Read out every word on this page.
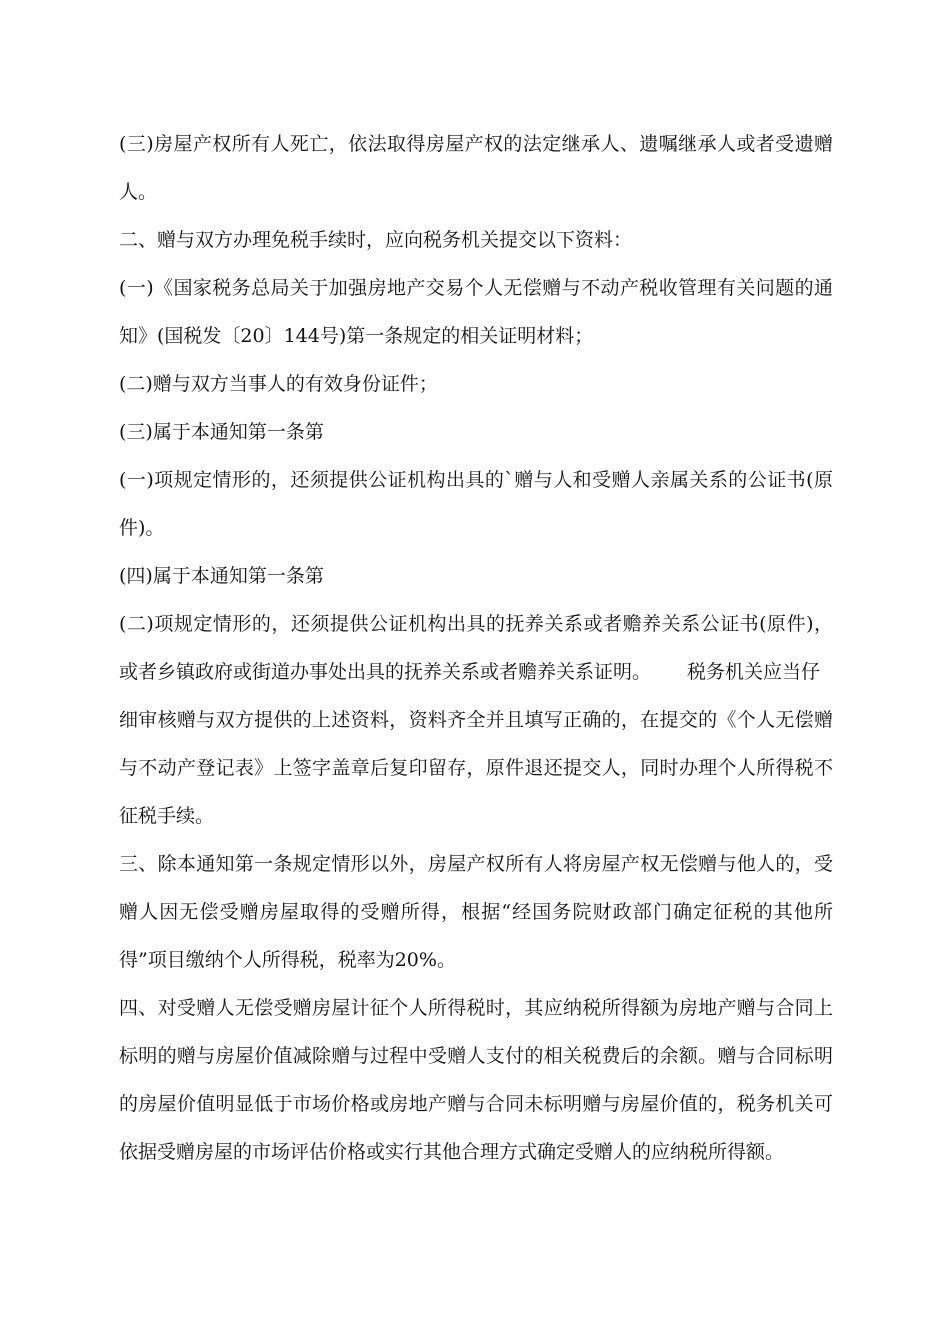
(三)房屋产权所有人死亡，依法取得房屋产权的法定继承人、遗嘱继承人或者受遗赠
人。
二、赠与双方办理免税手续时，应向税务机关提交以下资料：
(一)《国家税务总局关于加强房地产交易个人无偿赠与不动产税收管理有关问题的通
知》(国税发〔20〕144号)第一条规定的相关证明材料；
(二)赠与双方当事人的有效身份证件；
(三)属于本通知第一条第
(一)项规定情形的，还须提供公证机构出具的`赠与人和受赠人亲属关系的公证书(原
件)。
(四)属于本通知第一条第
(二)项规定情形的，还须提供公证机构出具的抚养关系或者赡养关系公证书(原件)，
或者乡镇政府或街道办事处出具的抚养关系或者赡养关系证明。 税务机关应当仔
细审核赠与双方提供的上述资料，资料齐全并且填写正确的，在提交的《个人无偿赠
与不动产登记表》上签字盖章后复印留存，原件退还提交人，同时办理个人所得税不
征税手续。
三、除本通知第一条规定情形以外，房屋产权所有人将房屋产权无偿赠与他人的，受
赠人因无偿受赠房屋取得的受赠所得，根据“经国务院财政部门确定征税的其他所
得”项目缴纳个人所得税，税率为20%。
四、对受赠人无偿受赠房屋计征个人所得税时，其应纳税所得额为房地产赠与合同上
标明的赠与房屋价值减除赠与过程中受赠人支付的相关税费后的余额。赠与合同标明
的房屋价值明显低于市场价格或房地产赠与合同未标明赠与房屋价值的，税务机关可
依据受赠房屋的市场评估价格或实行其他合理方式确定受赠人的应纳税所得额。
